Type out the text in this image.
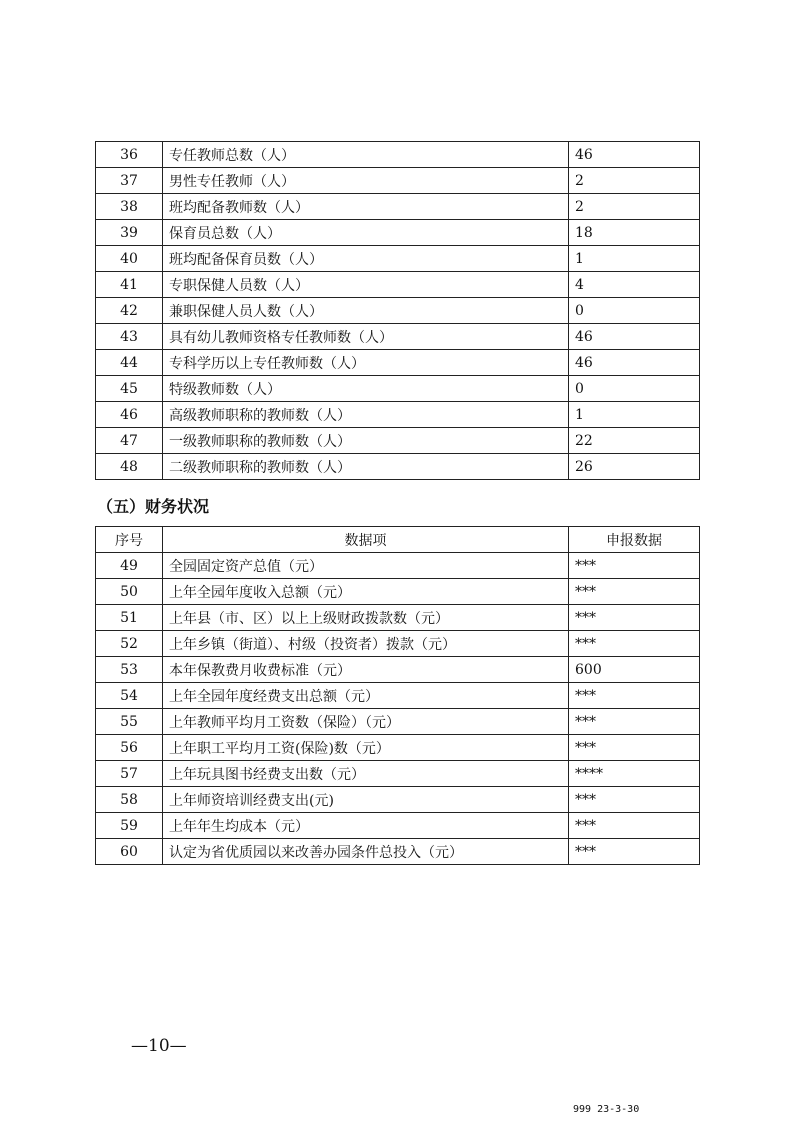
36	专任教师总数（人）	46
37	男性专任教师（人）	2
38	班均配备教师数（人）	2
39	保育员总数（人）	18
40	班均配备保育员数（人）	1
41	专职保健人员数（人）	4
42	兼职保健人员人数（人）	0
43	具有幼儿教师资格专任教师数（人）	46
44	专科学历以上专任教师数（人）	46
45	特级教师数（人）	0
46	高级教师职称的教师数（人）	1
47	一级教师职称的教师数（人）	22
48	二级教师职称的教师数（人）	26
（五）财务状况
序号	数据项	申报数据
49	全园固定资产总值（元）	***
50	上年全园年度收入总额（元）	***
51	上年县（市、区）以上上级财政拨款数（元）	***
52	上年乡镇（街道）、村级（投资者）拨款（元）	***
53	本年保教费月收费标准（元）	600
54	上年全园年度经费支出总额（元）	***
55	上年教师平均月工资数（保险）（元）	***
56	上年职工平均月工资(保险)数（元）	***
57	上年玩具图书经费支出数（元）	****
58	上年师资培训经费支出(元)	***
59	上年年生均成本（元）	***
60	认定为省优质园以来改善办园条件总投入（元）	***
—10—
999 23-3-30
